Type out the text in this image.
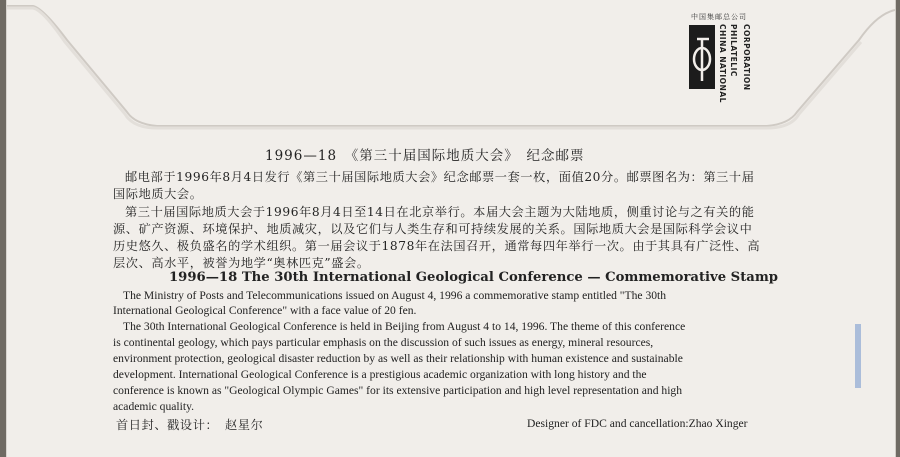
中国集邮总公司
CHINA NATIONAL PHILATELIC CORPORATION
1996—18　《第三十届国际地质大会》　纪念邮票
邮电部于1996年8月4日发行《第三十届国际地质大会》纪念邮票一套一枚，面值20分。邮票图名为：第三十届
国际地质大会。
第三十届国际地质大会于1996年8月4日至14日在北京举行。本届大会主题为大陆地质，侧重讨论与之有关的能
源、矿产资源、环境保护、地质减灾，以及它们与人类生存和可持续发展的关系。国际地质大会是国际科学会议中
历史悠久、极负盛名的学术组织。第一届会议于1878年在法国召开，通常每四年举行一次。由于其具有广泛性、高
层次、高水平，被誉为地学“奥林匹克”盛会。
1996—18 The 30th International Geological Conference — Commemorative Stamp
The Ministry of Posts and Telecommunications issued on August 4, 1996 a commemorative stamp entitled "The 30th
International Geological Conference" with a face value of 20 fen.
The 30th International Geological Conference is held in Beijing from August 4 to 14, 1996. The theme of this conference
is continental geology, which pays particular emphasis on the discussion of such issues as energy, mineral resources,
environment protection, geological disaster reduction by as well as their relationship with human existence and sustainable
development. International Geological Conference is a prestigious academic organization with long history and the
conference is known as "Geological Olympic Games" for its extensive participation and high level representation and high
academic quality.
首日封、戳设计：　赵星尔	Designer of FDC and cancellation:Zhao Xinger
